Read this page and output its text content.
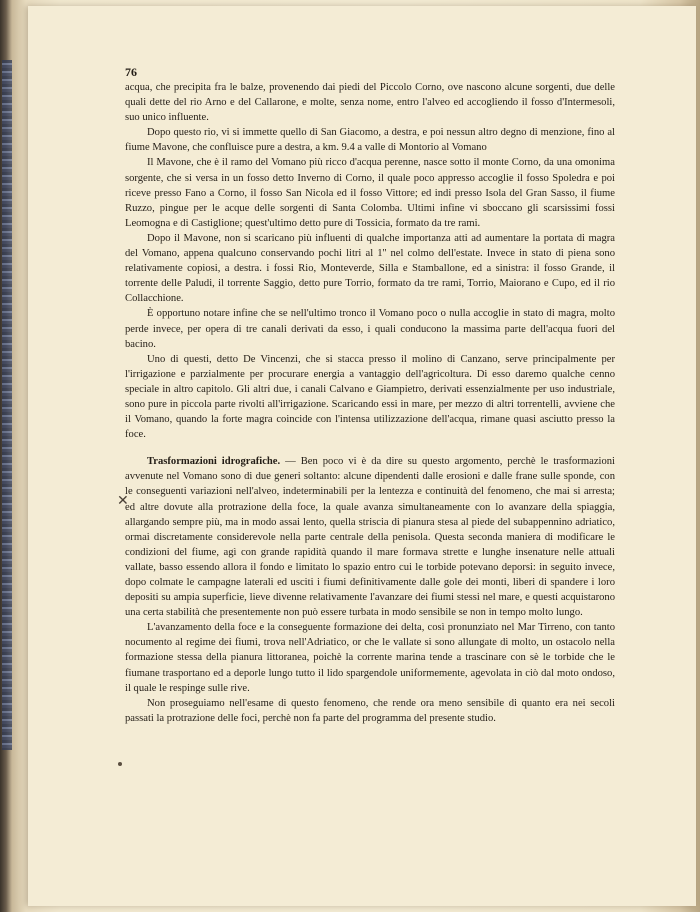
76

acqua, che precipita fra le balze, provenendo dai piedi del Piccolo Corno, ove nascono alcune sorgenti, due delle quali dette del rio Arno e del Callarone, e molte, senza nome, entro l'alveo ed accogliendo il fosso d'Intermesoli, suo unico influente.

Dopo questo rio, vi si immette quello di San Giacomo, a destra, e poi nessun altro degno di menzione, fino al fiume Mavone, che confluisce pure a destra, a km. 9.4 a valle di Montorio al Vomano

Il Mavone, che è il ramo del Vomano più ricco d'acqua perenne, nasce sotto il monte Corno, da una omonima sorgente, che si versa in un fosso detto Inverno di Corno, il quale poco appresso accoglie il fosso Spoledra e poi riceve presso Fano a Corno, il fosso San Nicola ed il fosso Vittore; ed indi presso Isola del Gran Sasso, il fiume Ruzzo, pingue per le acque delle sorgenti di Santa Colomba. Ultimi infine vi sboccano gli scarsissimi fossi Leomogna e di Castiglione; quest'ultimo detto pure di Tossicia, formato da tre rami.

Dopo il Mavone, non si scaricano più influenti di qualche importanza atti ad aumentare la portata di magra del Vomano, appena qualcuno conservando pochi litri al 1'' nel colmo dell'estate. Invece in stato di piena sono relativamente copiosi, a destra. i fossi Rio, Monteverde, Silla e Stamballone, ed a sinistra: il fosso Grande, il torrente delle Paludi, il torrente Saggio, detto pure Torrio, formato da tre rami, Torrio, Maiorano e Cupo, ed il rio Collacchione.

È opportuno notare infine che se nell'ultimo tronco il Vomano poco o nulla accoglie in stato di magra, molto perde invece, per opera di tre canali derivati da esso, i quali conducono la massima parte dell'acqua fuori del bacino.

Uno di questi, detto De Vincenzi, che si stacca presso il molino di Canzano, serve principalmente per l'irrigazione e parzialmente per procurare energia a vantaggio dell'agricoltura. Di esso daremo qualche cenno speciale in altro capitolo. Gli altri due, i canali Calvano e Giampietro, derivati essenzialmente per uso industriale, sono pure in piccola parte rivolti all'irrigazione. Scaricando essi in mare, per mezzo di altri torrentelli, avviene che il Vomano, quando la forte magra coincide con l'intensa utilizzazione dell'acqua, rimane quasi asciutto presso la foce.

Trasformazioni idrografiche. — Ben poco vi è da dire su questo argomento, perchè le trasformazioni avvenute nel Vomano sono di due generi soltanto: alcune dipendenti dalle erosioni e dalle frane sulle sponde, con le conseguenti variazioni nell'alveo, indeterminabili per la lentezza e continuità del fenomeno, che mai si arresta; ed altre dovute alla protrazione della foce, la quale avanza simultaneamente con lo avanzare della spiaggia, allargando sempre più, ma in modo assai lento, quella striscia di pianura stesa al piede del subappennino adriatico, ormai discretamente considerevole nella parte centrale della penisola. Questa seconda maniera di modificare le condizioni del fiume, agì con grande rapidità quando il mare formava strette e lunghe insenature nelle attuali vallate, basso essendo allora il fondo e limitato lo spazio entro cui le torbide potevano deporsi: in seguito invece, dopo colmate le campagne laterali ed usciti i fiumi definitivamente dalle gole dei monti, liberi di spandere i loro depositi su ampia superficie, lieve divenne relativamente l'avanzare dei fiumi stessi nel mare, e questi acquistarono una certa stabilità che presentemente non può essere turbata in modo sensibile se non in tempo molto lungo.

L'avanzamento della foce e la conseguente formazione dei delta, così pronunziato nel Mar Tirreno, con tanto nocumento al regime dei fiumi, trova nell'Adriatico, or che le vallate si sono allungate di molto, un ostacolo nella formazione stessa della pianura littoranea, poichè la corrente marina tende a trascinare con sè le torbide che le fiumane trasportano ed a deporle lungo tutto il lido spargendole uniformemente, agevolata in ciò dal moto ondoso, il quale le respinge sulle rive.

Non proseguiamo nell'esame di questo fenomeno, che rende ora meno sensibile di quanto era nei secoli passati la protrazione delle foci, perchè non fa parte del programma del presente studio.

✕
